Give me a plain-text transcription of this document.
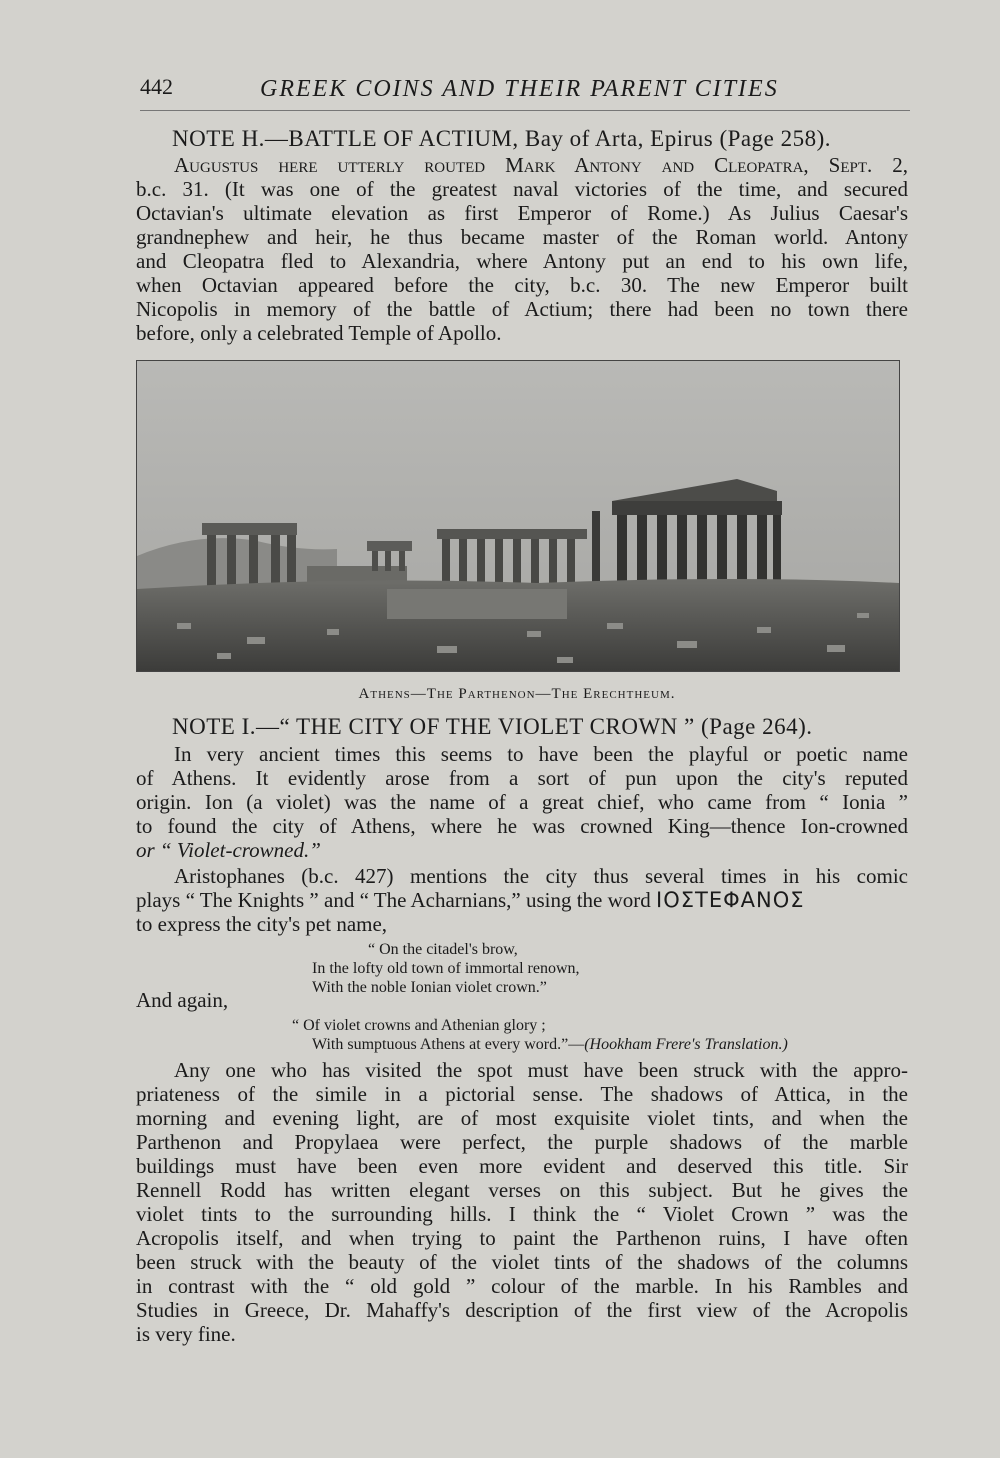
442	GREEK COINS AND THEIR PARENT CITIES
NOTE H.—BATTLE OF ACTIUM, Bay of Arta, Epirus (Page 258).
Augustus here utterly routed Mark Antony and Cleopatra, Sept. 2,
b.c. 31. (It was one of the greatest naval victories of the time, and secured
Octavian's ultimate elevation as first Emperor of Rome.) As Julius Caesar's
grandnephew and heir, he thus became master of the Roman world. Antony
and Cleopatra fled to Alexandria, where Antony put an end to his own life,
when Octavian appeared before the city, b.c. 30. The new Emperor built
Nicopolis in memory of the battle of Actium; there had been no town there
before, only a celebrated Temple of Apollo.
Athens—The Parthenon—The Erechtheum.
NOTE I.—“ THE CITY OF THE VIOLET CROWN ” (Page 264).
In very ancient times this seems to have been the playful or poetic name
of Athens. It evidently arose from a sort of pun upon the city's reputed
origin. Ion (a violet) was the name of a great chief, who came from “ Ionia ”
to found the city of Athens, where he was crowned King—thence Ion-crowned
or “ Violet-crowned.”
Aristophanes (b.c. 427) mentions the city thus several times in his comic
plays “ The Knights ” and “ The Acharnians,” using the word ΙΟΣΤΕΦΑΝΟΣ
to express the city's pet name,
“ On the citadel's brow,
In the lofty old town of immortal renown,
With the noble Ionian violet crown.”
And again,
“ Of violet crowns and Athenian glory ;
With sumptuous Athens at every word.”—(Hookham Frere's Translation.)
Any one who has visited the spot must have been struck with the appro-
priateness of the simile in a pictorial sense. The shadows of Attica, in the
morning and evening light, are of most exquisite violet tints, and when the
Parthenon and Propylaea were perfect, the purple shadows of the marble
buildings must have been even more evident and deserved this title. Sir
Rennell Rodd has written elegant verses on this subject. But he gives the
violet tints to the surrounding hills. I think the “ Violet Crown ” was the
Acropolis itself, and when trying to paint the Parthenon ruins, I have often
been struck with the beauty of the violet tints of the shadows of the columns
in contrast with the “ old gold ” colour of the marble. In his Rambles and
Studies in Greece, Dr. Mahaffy's description of the first view of the Acropolis
is very fine.
